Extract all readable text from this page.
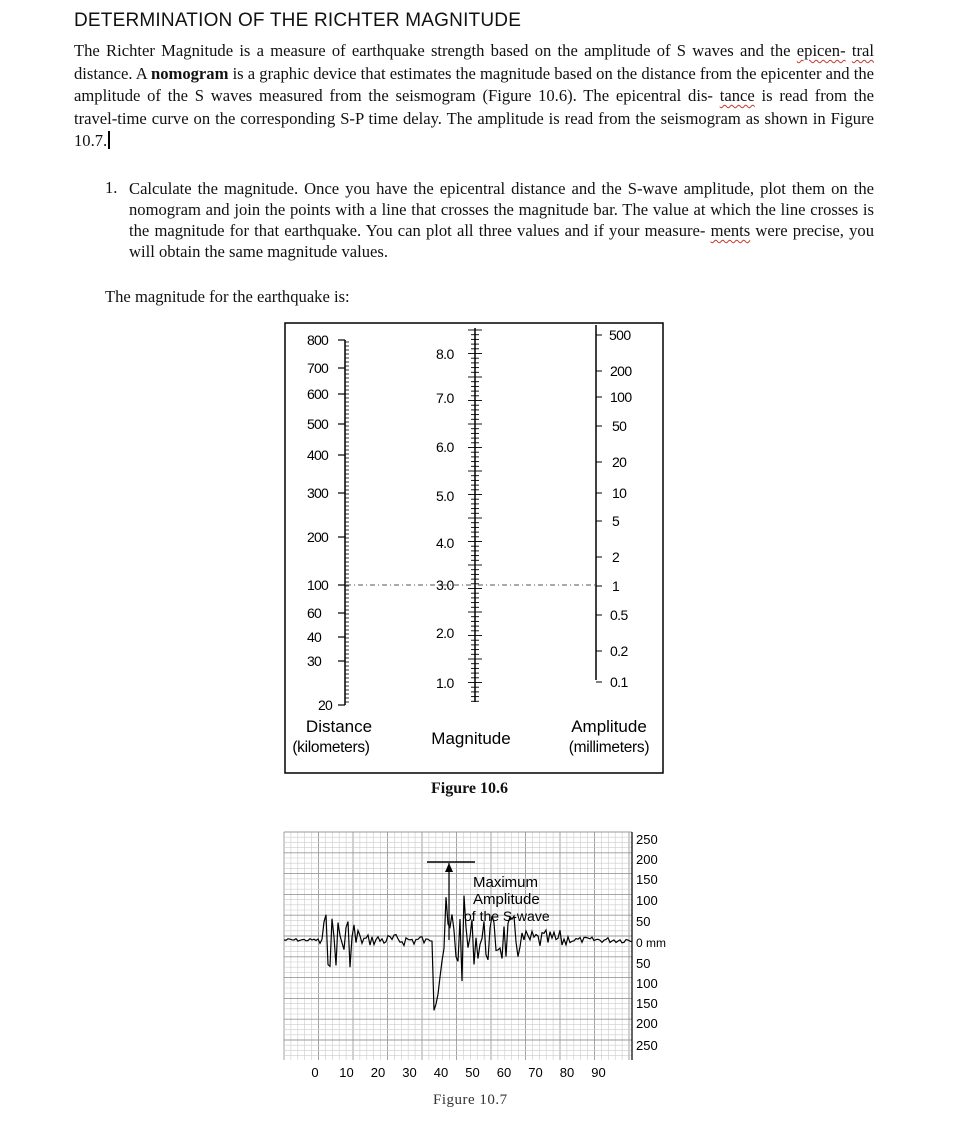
DETERMINATION OF THE RICHTER MAGNITUDE

The Richter Magnitude is a measure of earthquake strength based on the amplitude of S waves and the epicen- tral distance. A nomogram is a graphic device that estimates the magnitude based on the distance from the epicenter and the amplitude of the S waves measured from the seismogram (Figure 10.6). The epicentral dis- tance is read from the travel-time curve on the corresponding S-P time delay. The amplitude is read from the seismogram as shown in Figure 10.7.

1. Calculate the magnitude. Once you have the epicentral distance and the S-wave amplitude, plot them on the nomogram and join the points with a line that crosses the magnitude bar. The value at which the line crosses is the magnitude for that earthquake. You can plot all three values and if your measure- ments were precise, you will obtain the same magnitude values.

The magnitude for the earthquake is:
800
700
600
500
400
300
200
100
60
40
30
20
8.0
7.0
6.0
5.0
4.0
3.0
2.0
1.0
500
200
100
50
20
10
5
2
1
0.5
0.2
0.1
Distance
(kilometers)	Magnitude
Amplitude
(millimeters)
Figure 10.6
Maximum
Amplitude
of the S-wave
250
200
150
100
50
0 mm
50
100
150
200
250
0 10 20 30 40 50 60 70 80 90
Figure 10.7
